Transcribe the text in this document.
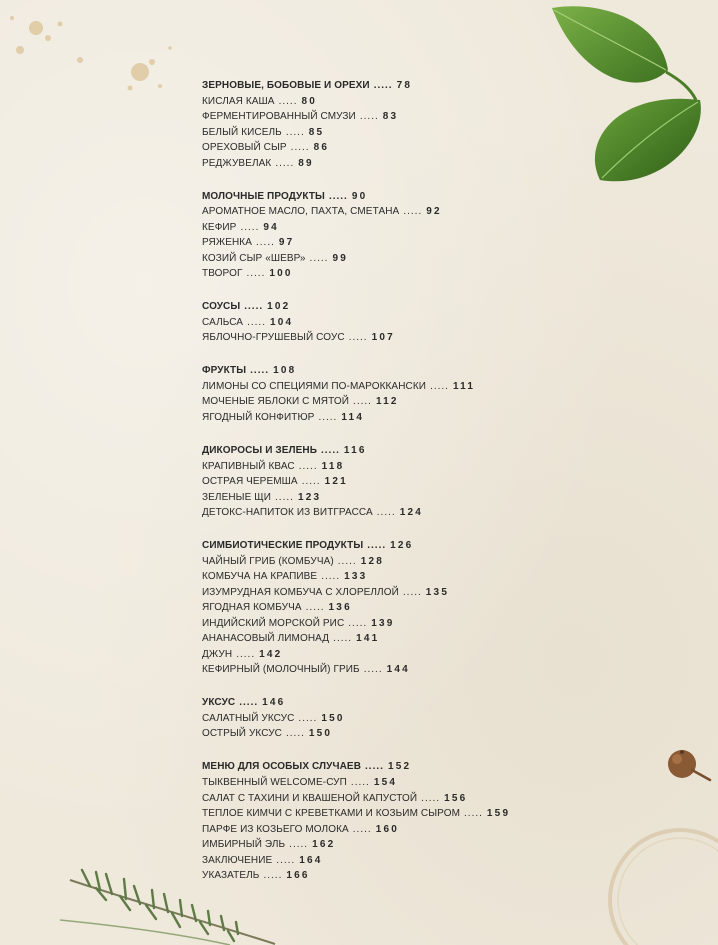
ЗЕРНОВЫЕ, БОБОВЫЕ И ОРЕХИ ..... 78
КИСЛАЯ КАША ..... 80
ФЕРМЕНТИРОВАННЫЙ СМУЗИ ..... 83
БЕЛЫЙ КИСЕЛЬ ..... 85
ОРЕХОВЫЙ СЫР ..... 86
РЕДЖУВЕЛАК ..... 89
МОЛОЧНЫЕ ПРОДУКТЫ ..... 90
АРОМАТНОЕ МАСЛО, ПАХТА, СМЕТАНА ..... 92
КЕФИР ..... 94
РЯЖЕНКА ..... 97
КОЗИЙ СЫР «ШЕВР» ..... 99
ТВОРОГ ..... 100
СОУСЫ ..... 102
САЛЬСА ..... 104
ЯБЛОЧНО-ГРУШЕВЫЙ СОУС ..... 107
ФРУКТЫ ..... 108
ЛИМОНЫ СО СПЕЦИЯМИ ПО-МАРОККАНСКИ ..... 111
МОЧЕНЫЕ ЯБЛОКИ С МЯТОЙ ..... 112
ЯГОДНЫЙ КОНФИТЮР ..... 114
ДИКОРОСЫ И ЗЕЛЕНЬ ..... 116
КРАПИВНЫЙ КВАС ..... 118
ОСТРАЯ ЧЕРЕМША ..... 121
ЗЕЛЕНЫЕ ЩИ ..... 123
ДЕТОКС-НАПИТОК ИЗ ВИТГРАССА ..... 124
СИМБИОТИЧЕСКИЕ ПРОДУКТЫ ..... 126
ЧАЙНЫЙ ГРИБ (КОМБУЧА) ..... 128
КОМБУЧА НА КРАПИВЕ ..... 133
ИЗУМРУДНАЯ КОМБУЧА С ХЛОРЕЛЛОЙ ..... 135
ЯГОДНАЯ КОМБУЧА ..... 136
ИНДИЙСКИЙ МОРСКОЙ РИС ..... 139
АНАНАСОВЫЙ ЛИМОНАД ..... 141
ДЖУН ..... 142
КЕФИРНЫЙ (МОЛОЧНЫЙ) ГРИБ ..... 144
УКСУС ..... 146
САЛАТНЫЙ УКСУС ..... 150
ОСТРЫЙ УКСУС ..... 150
МЕНЮ ДЛЯ ОСОБЫХ СЛУЧАЕВ ..... 152
ТЫКВЕННЫЙ WELCOME-СУП ..... 154
САЛАТ С ТАХИНИ И КВАШЕНОЙ КАПУСТОЙ ..... 156
ТЕПЛОЕ КИМЧИ С КРЕВЕТКАМИ И КОЗЬИМ СЫРОМ ..... 159
ПАРФЕ ИЗ КОЗЬЕГО МОЛОКА ..... 160
ИМБИРНЫЙ ЭЛЬ ..... 162
ЗАКЛЮЧЕНИЕ ..... 164
УКАЗАТЕЛЬ ..... 166
